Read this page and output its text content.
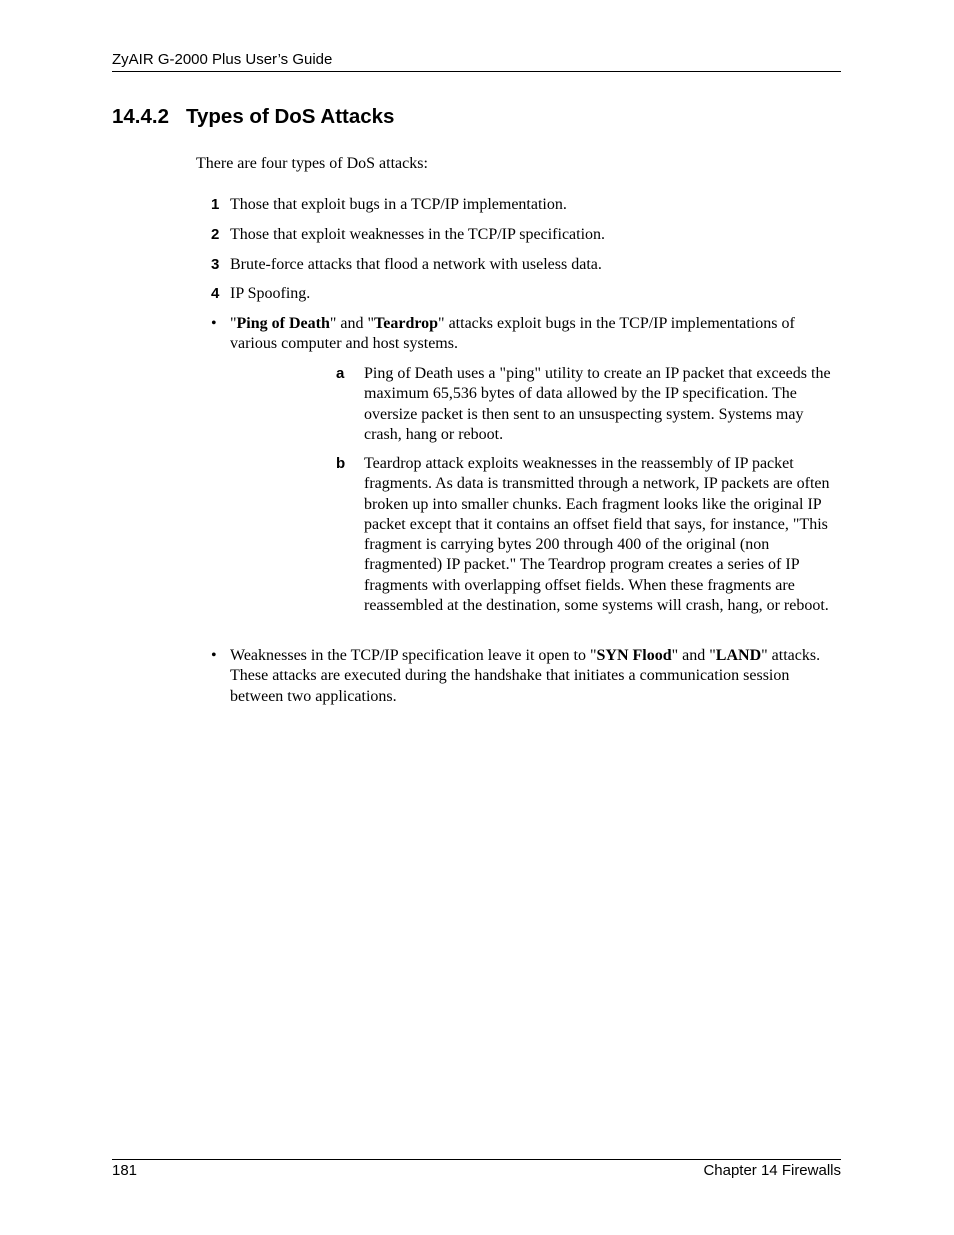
ZyAIR G-2000 Plus User’s Guide
14.4.2 Types of DoS Attacks
There are four types of DoS attacks:
1 Those that exploit bugs in a TCP/IP implementation.
2 Those that exploit weaknesses in the TCP/IP specification.
3 Brute-force attacks that flood a network with useless data.
4 IP Spoofing.
• "Ping of Death" and "Teardrop" attacks exploit bugs in the TCP/IP implementations of various computer and host systems.
a Ping of Death uses a "ping" utility to create an IP packet that exceeds the maximum 65,536 bytes of data allowed by the IP specification. The oversize packet is then sent to an unsuspecting system. Systems may crash, hang or reboot.
b Teardrop attack exploits weaknesses in the reassembly of IP packet fragments. As data is transmitted through a network, IP packets are often broken up into smaller chunks. Each fragment looks like the original IP packet except that it contains an offset field that says, for instance, "This fragment is carrying bytes 200 through 400 of the original (non fragmented) IP packet." The Teardrop program creates a series of IP fragments with overlapping offset fields. When these fragments are reassembled at the destination, some systems will crash, hang, or reboot.
• Weaknesses in the TCP/IP specification leave it open to "SYN Flood" and "LAND" attacks. These attacks are executed during the handshake that initiates a communication session between two applications.
181	Chapter 14 Firewalls
